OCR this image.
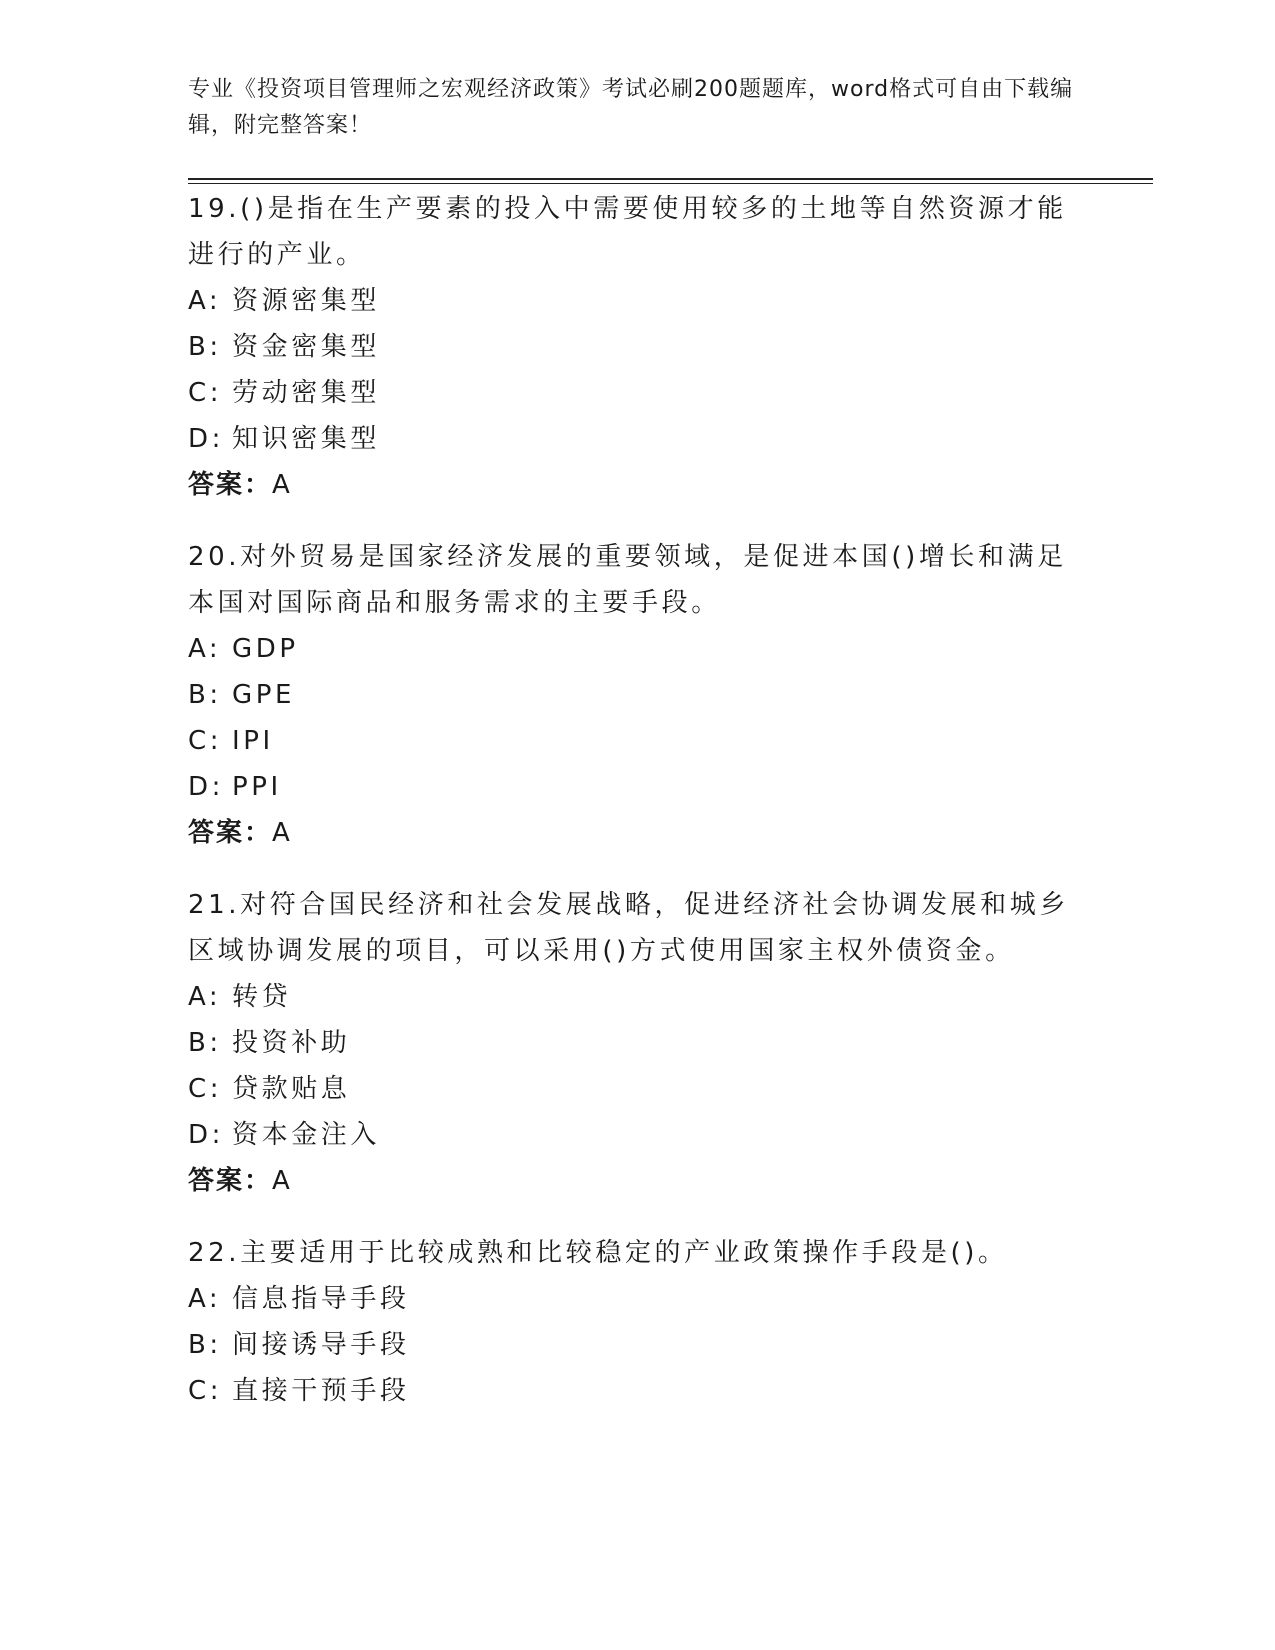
专业《投资项目管理师之宏观经济政策》考试必刷200题题库，word格式可自由下载编辑，附完整答案！

19.()是指在生产要素的投入中需要使用较多的土地等自然资源才能进行的产业。

A: 资源密集型

B: 资金密集型

C: 劳动密集型

D: 知识密集型

答案：A

20.对外贸易是国家经济发展的重要领域，是促进本国()增长和满足本国对国际商品和服务需求的主要手段。

A: GDP

B: GPE

C: IPI

D: PPI

答案：A

21.对符合国民经济和社会发展战略，促进经济社会协调发展和城乡区域协调发展的项目，可以采用()方式使用国家主权外债资金。

A: 转贷

B: 投资补助

C: 贷款贴息

D: 资本金注入

答案：A

22.主要适用于比较成熟和比较稳定的产业政策操作手段是()。

A: 信息指导手段

B: 间接诱导手段

C: 直接干预手段
